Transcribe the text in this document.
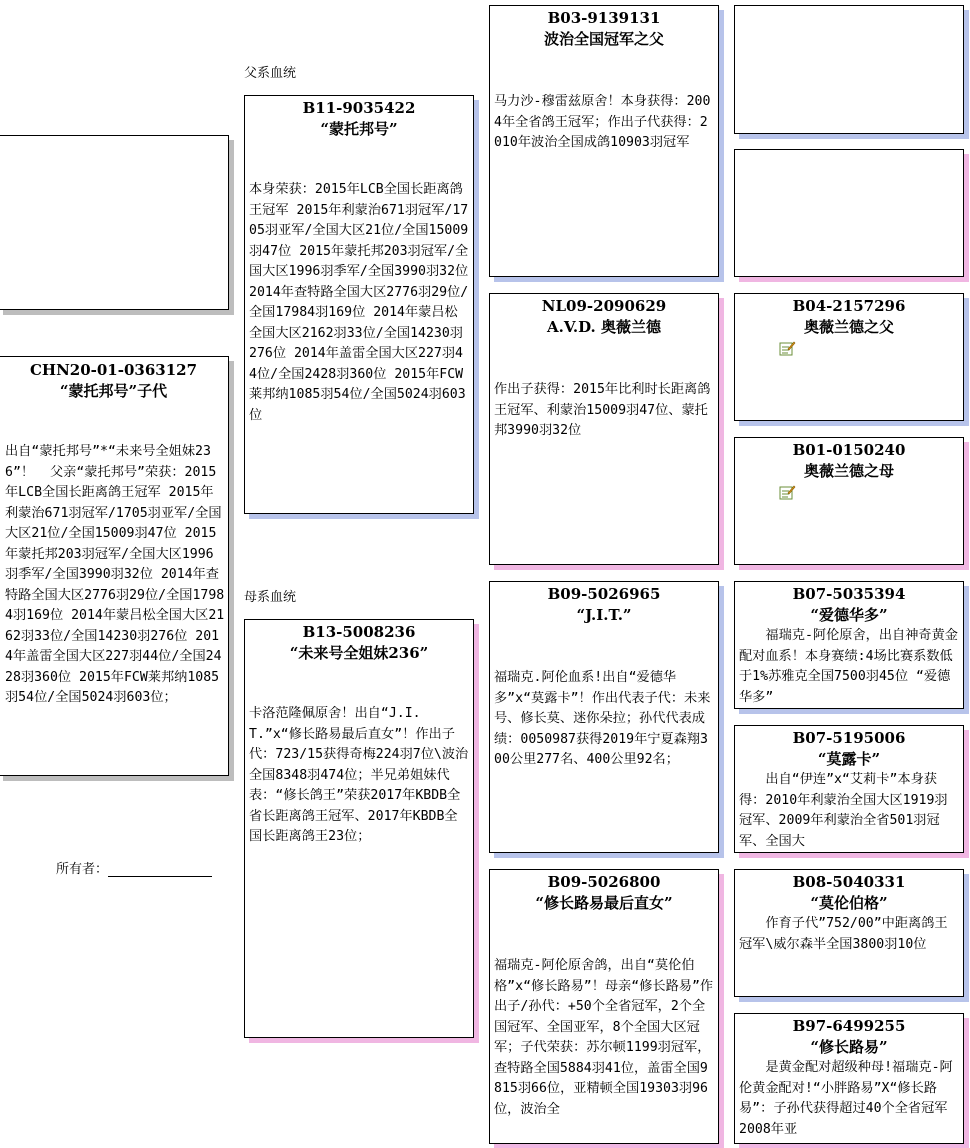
CHN20-01-0363127
“蒙托邦号”子代
出自“蒙托邦号”*“未来号全姐妹236”！  父亲“蒙托邦号”荣获：2015年LCB全国长距离鸽王冠军 2015年利蒙治671羽冠军/1705羽亚军/全国大区21位/全国15009羽47位 2015年蒙托邦203羽冠军/全国大区1996羽季军/全国3990羽32位 2014年查特路全国大区2776羽29位/全国17984羽169位 2014年蒙吕松全国大区2162羽33位/全国14230羽276位 2014年盖雷全国大区227羽44位/全国2428羽360位 2015年FCW莱邦纳1085羽54位/全国5024羽603位；
所有者：
父系血统
母系血统
B11-9035422
“蒙托邦号”
本身荣获：2015年LCB全国长距离鸽王冠军 2015年利蒙治671羽冠军/1705羽亚军/全国大区21位/全国15009羽47位 2015年蒙托邦203羽冠军/全国大区1996羽季军/全国3990羽32位 2014年查特路全国大区2776羽29位/全国17984羽169位 2014年蒙吕松全国大区2162羽33位/全国14230羽276位 2014年盖雷全国大区227羽44位/全国2428羽360位 2015年FCW莱邦纳1085羽54位/全国5024羽603位
B13-5008236
“未来号全姐妹236”
卡洛范隆佩原舍！出自“J.I.T.”x“修长路易最后直女”！作出子代：723/15获得奇梅224羽7位\波治全国8348羽474位；半兄弟姐妹代表：“修长鸽王”荣获2017年KBDB全省长距离鸽王冠军、2017年KBDB全国长距离鸽王23位；
B03-9139131
波治全国冠军之父
马力沙-穆雷兹原舍！本身获得：2004年全省鸽王冠军；作出子代获得：2010年波治全国成鸽10903羽冠军
NL09-2090629
A.V.D. 奥薇兰德
作出子获得：2015年比利时长距离鸽王冠军、利蒙治15009羽47位、蒙托邦3990羽32位
B09-5026965
“J.I.T.”
福瑞克.阿伦血系!出自“爱德华多”x“莫露卡”！作出代表子代：未来号、修长莫、迷你朵拉；孙代代表成绩：0050987获得2019年宁夏森翔300公里277名、400公里92名；
B09-5026800
“修长路易最后直女”
福瑞克-阿伦原舍鸽，出自“莫伦伯格”x“修长路易”！母亲“修长路易”作出子/孙代：+50个全省冠军，2个全国冠军、全国亚军，8个全国大区冠军；子代荣获：苏尔顿1199羽冠军，查特路全国5884羽41位，盖雷全国9815羽66位，亚精顿全国19303羽96位，波治全
B04-2157296
奥薇兰德之父
B01-0150240
奥薇兰德之母
B07-5035394
“爱德华多”
福瑞克-阿伦原舍，出自神奇黄金配对血系！本身赛绩:4场比赛系数低于1%苏雅克全国7500羽45位 “爱德华多”
B07-5195006
“莫露卡”
出自“伊连”x“艾莉卡”本身获得：2010年利蒙治全国大区1919羽冠军、2009年利蒙治全省501羽冠军、全国大
B08-5040331
“莫伦伯格”
作育子代”752/00”中距离鸽王冠军\威尔森半全国3800羽10位
B97-6499255
“修长路易”
是黄金配对超级种母!福瑞克-阿伦黄金配对!“小胖路易”X“修长路易”：子孙代获得超过40个全省冠军 2008年亚
